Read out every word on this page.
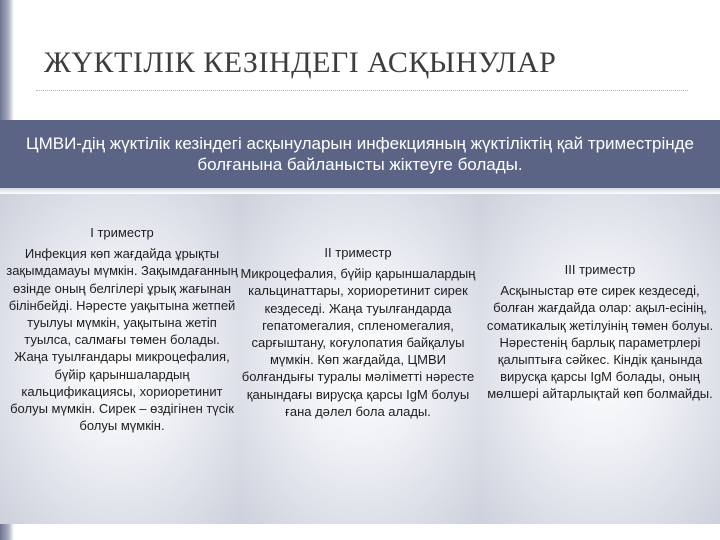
ЖҮКТІЛІК КЕЗІНДЕГІ АСҚЫНУЛАР
ЦМВИ-дің жүктілік кезіндегі асқынуларын инфекцияның жүктіліктің қай триместрінде болғанына байланысты жіктеуге болады.
I триместр
Инфекция көп жағдайда ұрықты зақымдамауы мүмкін. Зақымдағанның өзінде оның белгілері ұрық жағынан білінбейді. Нәресте уақытына жетпей туылуы мүмкін, уақытына жетіп туылса, салмағы төмен болады. Жаңа туылғандары микроцефалия, бүйір қарыншалардың кальцификациясы, хориоретинит болуы мүмкін. Сирек – өздігінен түсік болуы мүмкін.
II триместр
Микроцефалия, бүйір қарыншалардың кальцинаттары, хориоретинит сирек кездеседі. Жаңа туылғандарда гепатомегалия, спленомегалия, сарғыштану, коғулопатия байқалуы мүмкін. Көп жағдайда, ЦМВИ болғандығы туралы мәліметті нәресте қанындағы вирусқа қарсы IgM болуы ғана дәлел бола алады.
III триместр
Асқыныстар өте сирек кездеседі, болған жағдайда олар: ақыл-есінің, соматикалық жетілуінің төмен болуы. Нәрестенің барлық параметрлері қалыптыға сәйкес. Кіндік қанында вирусқа қарсы IgM болады, оның мөлшері айтарлықтай көп болмайды.
